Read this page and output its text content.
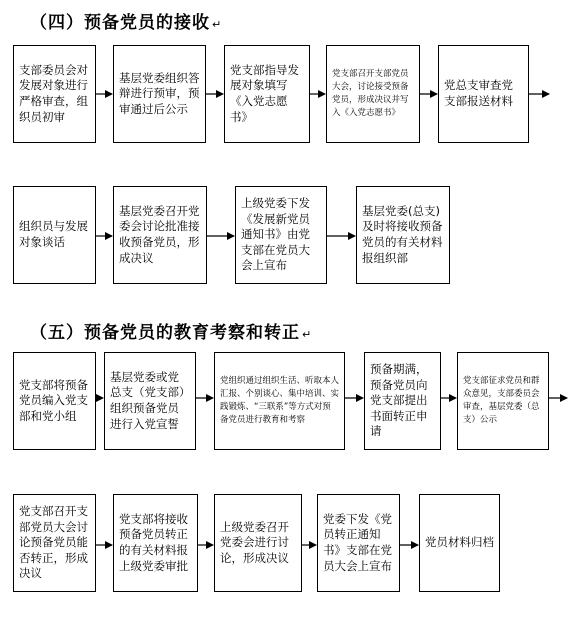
（四）预备党员的接收 ↵
支部委员会对发展对象进行严格审查，组织员初审
基层党委组织答辩进行预审，预审通过后公示
党支部指导发展对象填写《入党志愿书》
党支部召开支部党员大会，讨论接受预备党员，形成决议并写入《入党志愿书》
党总支审查党支部报送材料
组织员与发展对象谈话
基层党委召开党委会讨论批准接收预备党员，形成决议
上级党委下发《发展新党员通知书》由党支部在党员大会上宣布
基层党委(总支)及时将接收预备党员的有关材料报组织部
（五）预备党员的教育考察和转正 ↵
党支部将预备党员编入党支部和党小组
基层党委或党总支（党支部）组织预备党员进行入党宣誓
党组织通过组织生活、听取本人汇报、个别谈心、集中培训、实践锻炼、“三联系”等方式对预备党员进行教育和考察
预备期满，预备党员向党支部提出书面转正申请
党支部征求党员和群众意见，支部委员会审查，基层党委（总支）公示
党支部召开支部党员大会讨论预备党员能否转正，形成决议
党支部将接收预备党员转正的有关材料报上级党委审批
上级党委召开党委会进行讨论，形成决议
党委下发《党员转正通知书》支部在党员大会上宣布
党员材料归档
